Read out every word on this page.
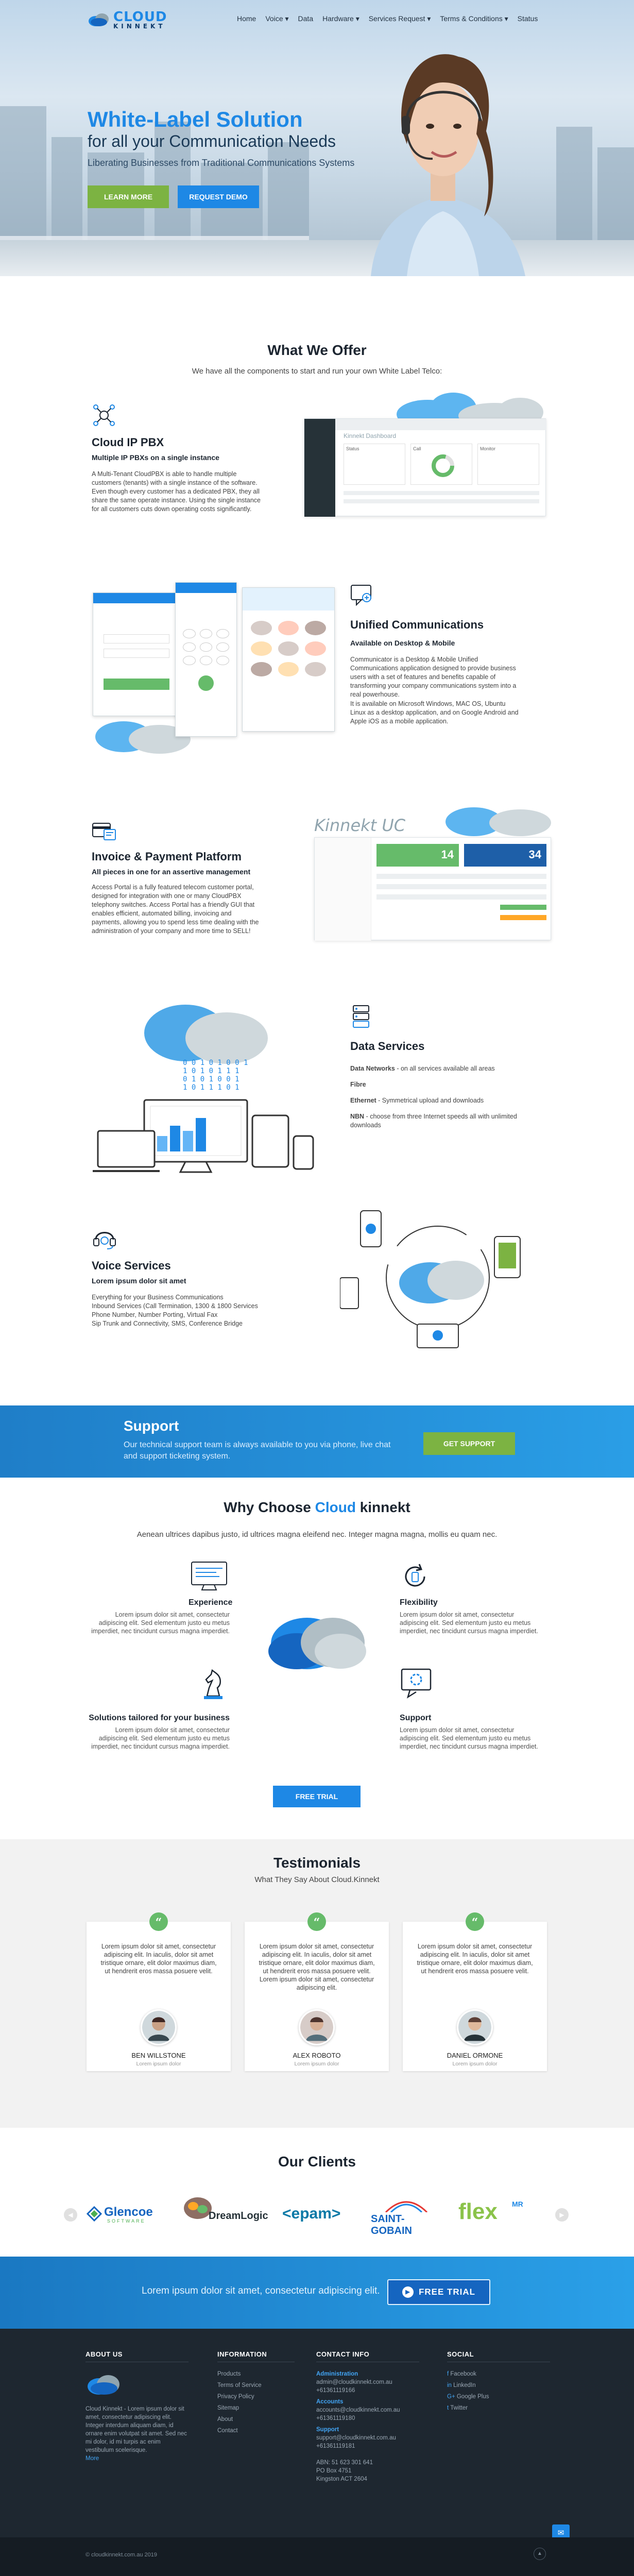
CLOUD
KINNEKT
Home Voice ▾ Data Hardware ▾ Services Request ▾ Terms & Conditions ▾ Status
White-Label Solution
for all your Communication Needs
Liberating Businesses from Traditional Communications Systems
LEARN MORE	REQUEST DEMO
What We Offer
We have all the components to start and run your own White Label Telco:
Cloud IP PBX
Multiple IP PBXs on a single instance
A Multi-Tenant CloudPBX is able to handle multiple customers (tenants) with a single instance of the software. Even though every customer has a dedicated PBX, they all share the same operate instance. Using the single instance for all customers cuts down operating costs significantly.
Kinnekt Dashboard
Status	Call	Monitor
Unified Communications
Available on Desktop & Mobile
Communicator is a Desktop & Mobile Unified Communications application designed to provide business users with a set of features and benefits capable of transforming your company communications system into a real powerhouse.
It is available on Microsoft Windows, MAC OS, Ubuntu Linux as a desktop application, and on Google Android and Apple iOS as a mobile application.
Invoice & Payment Platform
All pieces in one for an assertive management
Access Portal is a fully featured telecom customer portal, designed for integration with one or many CloudPBX telephony switches. Access Portal has a friendly GUI that enables efficient, automated billing, invoicing and payments, allowing you to spend less time dealing with the administration of your company and more time to SELL!
Kinnekt UC
14	34
0 0 1 0 1 0 0 1
1 0 1 0 1 1 1
0 1 0 1 0 0 1
1 0 1 1 1 0 1
Data Services
Data Networks - on all services available all areas
Fibre
Ethernet - Symmetrical upload and downloads
NBN - choose from three Internet speeds all with unlimited downloads
Voice Services
Lorem ipsum dolor sit amet
Everything for your Business Communications
Inbound Services (Call Termination, 1300 & 1800 Services
Phone Number, Number Porting, Virtual Fax
Sip Trunk and Connectivity, SMS, Conference Bridge
Support
Our technical support team is always available to you via phone, live chat and support ticketing system.
GET SUPPORT
Why Choose Cloud kinnekt
Aenean ultrices dapibus justo, id ultrices magna eleifend nec. Integer magna magna, mollis eu quam nec.
Experience
Lorem ipsum dolor sit amet, consectetur adipiscing elit. Sed elementum justo eu metus imperdiet, nec tincidunt cursus magna imperdiet.
Flexibility
Lorem ipsum dolor sit amet, consectetur adipiscing elit. Sed elementum justo eu metus imperdiet, nec tincidunt cursus magna imperdiet.
Solutions tailored for your business
Lorem ipsum dolor sit amet, consectetur adipiscing elit. Sed elementum justo eu metus imperdiet, nec tincidunt cursus magna imperdiet.
Support
Lorem ipsum dolor sit amet, consectetur adipiscing elit. Sed elementum justo eu metus imperdiet, nec tincidunt cursus magna imperdiet.
FREE TRIAL
Testimonials
What They Say About Cloud.Kinnekt
“
Lorem ipsum dolor sit amet, consectetur adipiscing elit. In iaculis, dolor sit amet tristique ornare, elit dolor maximus diam, ut hendrerit eros massa posuere velit.
BEN WILLSTONE
Lorem ipsum dolor
“
Lorem ipsum dolor sit amet, consectetur adipiscing elit. In iaculis, dolor sit amet tristique ornare, elit dolor maximus diam, ut hendrerit eros massa posuere velit. Lorem ipsum dolor sit amet, consectetur adipiscing elit.
ALEX ROBOTO
Lorem ipsum dolor
“
Lorem ipsum dolor sit amet, consectetur adipiscing elit. In iaculis, dolor sit amet tristique ornare, elit dolor maximus diam, ut hendrerit eros massa posuere velit.
DANIEL ORMONE
Lorem ipsum dolor
Our Clients
◀	▶
Glencoe
SOFTWARE	DreamLogic <epam>	SAINT-GOBAIN
flex MR
Lorem ipsum dolor sit amet, consectetur adipiscing elit.	▶ FREE TRIAL
ABOUT US
Cloud Kinnekt - Lorem ipsum dolor sit amet, consectetur adipiscing elit. Integer interdum aliquam diam, id ornare enim volutpat sit amet. Sed nec mi dolor, id mi turpis ac enim vestibulum scelerisque.
More
INFORMATION
Products
Terms of Service
Privacy Policy
Sitemap
About
Contact
CONTACT INFO
Administration
admin@cloudkinnekt.com.au
+61361119166
Accounts
accounts@cloudkinnekt.com.au
+61361119180
Support
support@cloudkinnekt.com.au
+61361119181
ABN: 51 623 301 641
PO Box 4751
Kingston ACT 2604
SOCIAL
f Facebook
in LinkedIn
G+ Google Plus
t Twitter
✉
© cloudkinnekt.com.au 2019	▲
